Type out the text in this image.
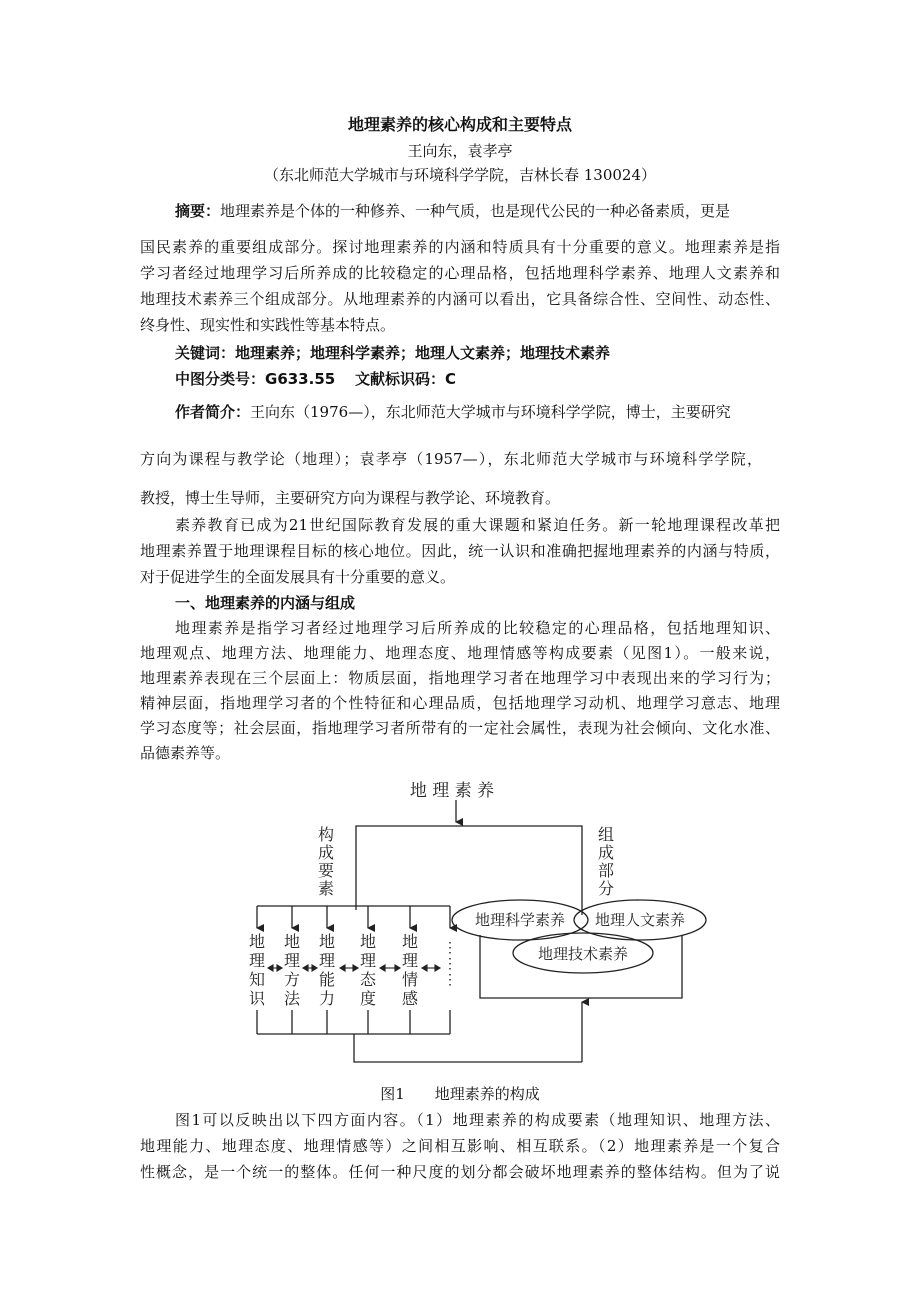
地理素养的核心构成和主要特点
王向东，袁孝亭
（东北师范大学城市与环境科学学院，吉林长春 130024）
摘要：地理素养是个体的一种修养、一种气质，也是现代公民的一种必备素质，更是
国民素养的重要组成部分。探讨地理素养的内涵和特质具有十分重要的意义。地理素养是指
学习者经过地理学习后所养成的比较稳定的心理品格，包括地理科学素养、地理人文素养和
地理技术素养三个组成部分。从地理素养的内涵可以看出，它具备综合性、空间性、动态性、
终身性、现实性和实践性等基本特点。
关键词：地理素养；地理科学素养；地理人文素养；地理技术素养
中图分类号：G633.55 文献标识码：C
作者简介：王向东（1976—），东北师范大学城市与环境科学学院，博士，主要研究
方向为课程与教学论（地理）；袁孝亭（1957—），东北师范大学城市与环境科学学院，
教授，博士生导师，主要研究方向为课程与教学论、环境教育。
素养教育已成为21世纪国际教育发展的重大课题和紧迫任务。新一轮地理课程改革把
地理素养置于地理课程目标的核心地位。因此，统一认识和准确把握地理素养的内涵与特质，
对于促进学生的全面发展具有十分重要的意义。
一、地理素养的内涵与组成
地理素养是指学习者经过地理学习后所养成的比较稳定的心理品格，包括地理知识、
地理观点、地理方法、地理能力、地理态度、地理情感等构成要素（见图1）。一般来说，
地理素养表现在三个层面上：物质层面，指地理学习者在地理学习中表现出来的学习行为；
精神层面，指地理学习者的个性特征和心理品质，包括地理学习动机、地理学习意志、地理
学习态度等；社会层面，指地理学习者所带有的一定社会属性，表现为社会倾向、文化水准、
品德素养等。
地 理 素 养
构
成
要
素
组
成
部
分
地
理
知
识
地
理
方
法
地
理
能
力
地
理
态
度
地
理
情
感
⋮
⋮
⋮
地理科学素养 地理人文素养
地理技术素养
图1　　地理素养的构成
图1可以反映出以下四方面内容。（1）地理素养的构成要素（地理知识、地理方法、
地理能力、地理态度、地理情感等）之间相互影响、相互联系。（2）地理素养是一个复合
性概念，是一个统一的整体。任何一种尺度的划分都会破坏地理素养的整体结构。但为了说
